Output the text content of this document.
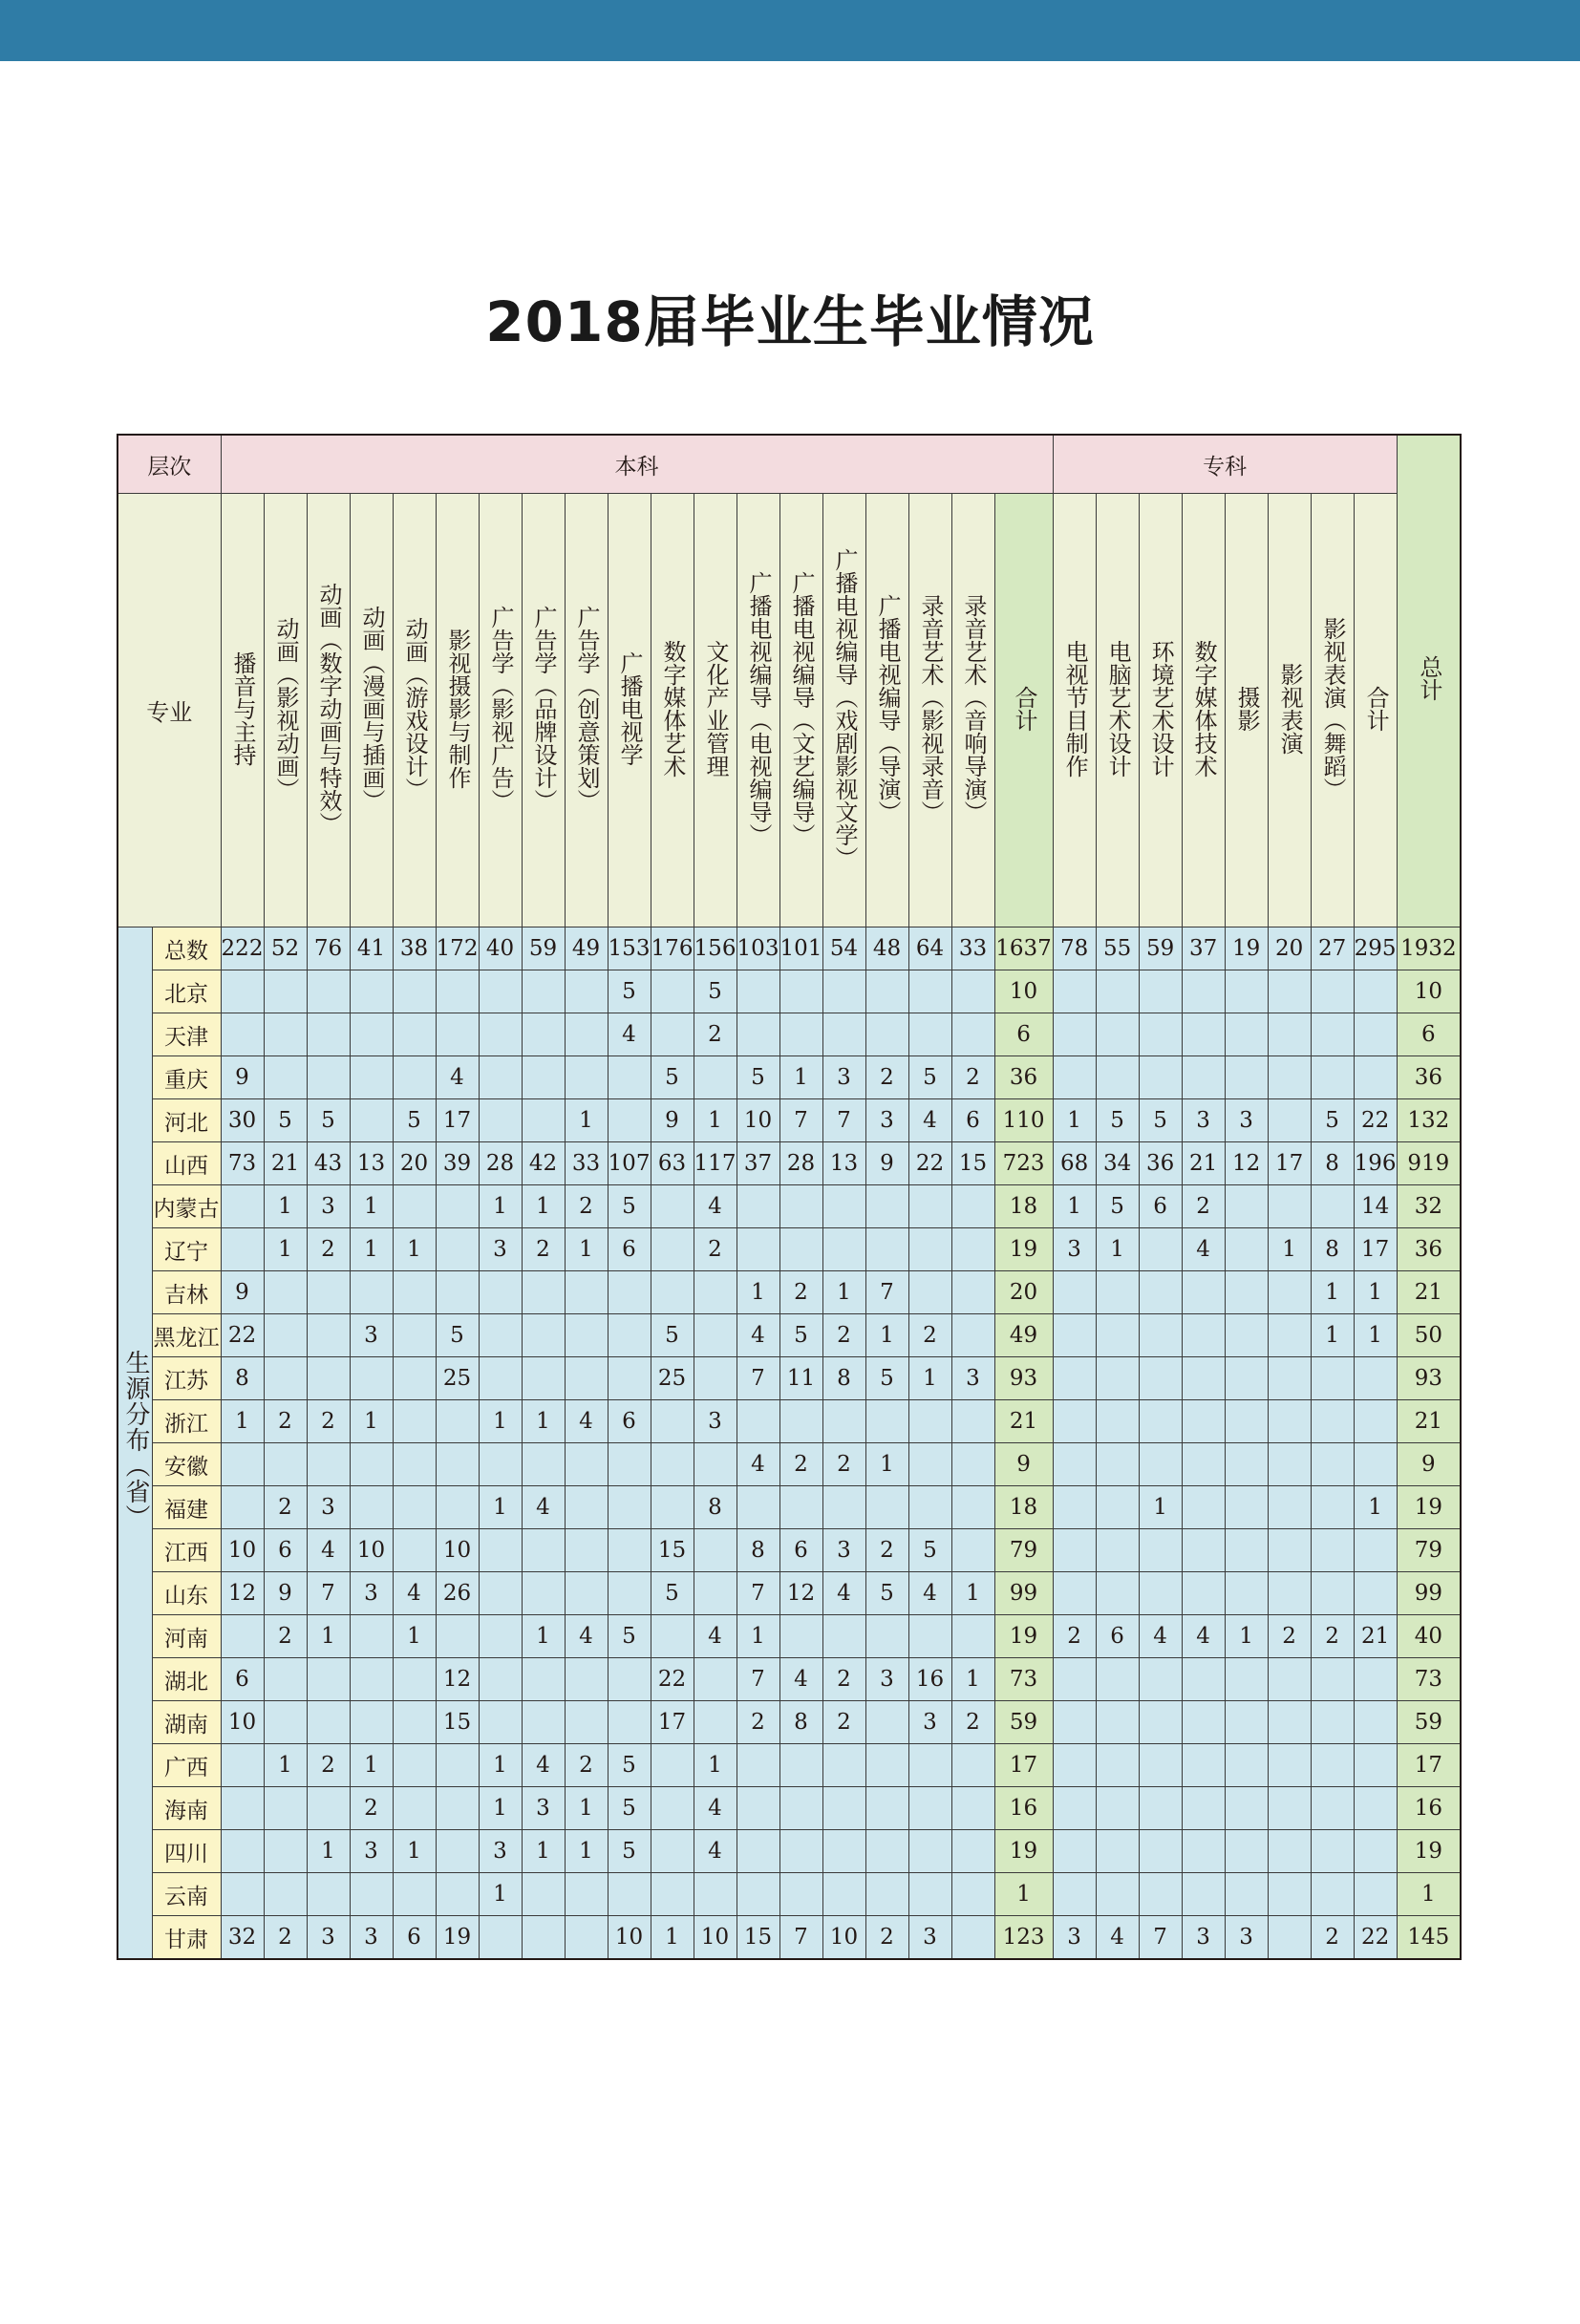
2018届毕业生毕业情况
层次		本科																			专科								总计
专业		播音与主持	动画（影视动画）	动画（数字动画与特效）	动画（漫画与插画）	动画（游戏设计）	影视摄影与制作	广告学（影视广告）	广告学（品牌设计）	广告学（创意策划）	广播电视学	数字媒体艺术	文化产业管理	广播电视编导（电视编导）	广播电视编导（文艺编导）	广播电视编导（戏剧影视文学）	广播电视编导（导演）	录音艺术（影视录音）	录音艺术（音响导演）	合计	电视节目制作	电脑艺术设计	环境艺术设计	数字媒体技术	摄影	影视表演	影视表演（舞蹈）	合计	
生源分布（省）	总数	222	52	76	41	38	172	40	59	49	153	176	156	103	101	54	48	64	33	1637	78	55	59	37	19	20	27	295	1932
	北京										5		5							10									10
	天津										4		2							6									6
	重庆	9					4					5		5	1	3	2	5	2	36									36
	河北	30	5	5		5	17			1		9	1	10	7	7	3	4	6	110	1	5	5	3	3		5	22	132
	山西	73	21	43	13	20	39	28	42	33	107	63	117	37	28	13	9	22	15	723	68	34	36	21	12	17	8	196	919
	内蒙古		1	3	1			1	1	2	5		4							18	1	5	6	2				14	32
	辽宁		1	2	1	1		3	2	1	6		2							19	3	1		4		1	8	17	36
	吉林	9												1	2	1	7			20							1	1	21
	黑龙江	22			3		5					5		4	5	2	1	2		49							1	1	50
	江苏	8					25					25		7	11	8	5	1	3	93									93
	浙江	1	2	2	1			1	1	4	6		3							21									21
	安徽													4	2	2	1			9									9
	福建		2	3				1	4				8							18			1					1	19
	江西	10	6	4	10		10					15		8	6	3	2	5		79									79
	山东	12	9	7	3	4	26					5		7	12	4	5	4	1	99									99
	河南		2	1		1			1	4	5		4	1						19	2	6	4	4	1	2	2	21	40
	湖北	6					12					22		7	4	2	3	16	1	73									73
	湖南	10					15					17		2	8	2		3	2	59									59
	广西		1	2	1			1	4	2	5		1							17									17
	海南				2			1	3	1	5		4							16									16
	四川			1	3	1		3	1	1	5		4							19									19
	云南							1												1									1
	甘肃	32	2	3	3	6	19				10	1	10	15	7	10	2	3		123	3	4	7	3	3		2	22	145
